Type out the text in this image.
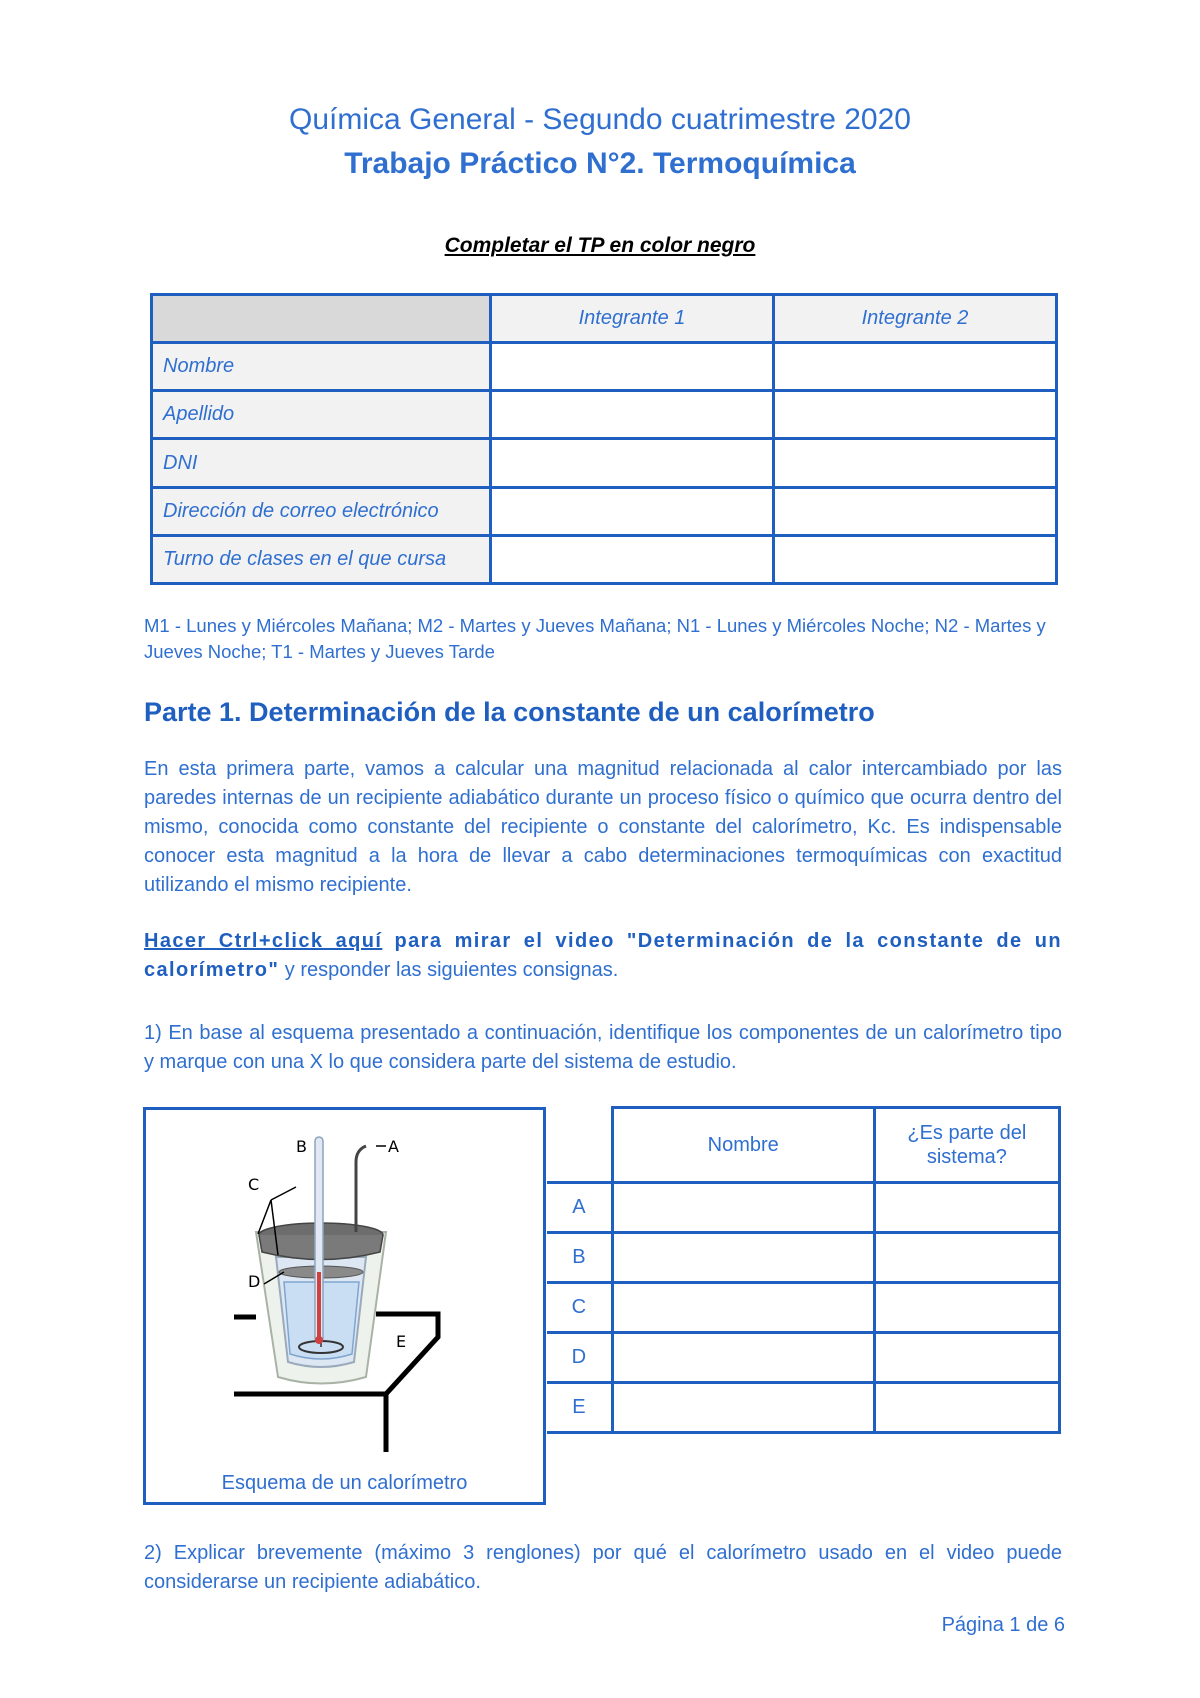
Química General - Segundo cuatrimestre 2020
Trabajo Práctico N°2. Termoquímica
Completar el TP en color negro
	Integrante 1	Integrante 2
Nombre		
Apellido		
DNI		
Dirección de correo electrónico		
Turno de clases en el que cursa		
M1 - Lunes y Miércoles Mañana; M2 - Martes y Jueves Mañana; N1 - Lunes y Miércoles Noche; N2 - Martes y Jueves Noche; T1 - Martes y Jueves Tarde
Parte 1. Determinación de la constante de un calorímetro
En esta primera parte, vamos a calcular una magnitud relacionada al calor intercambiado por las paredes internas de un recipiente adiabático durante un proceso físico o químico que ocurra dentro del mismo, conocida como constante del recipiente o constante del calorímetro, Kc. Es indispensable conocer esta magnitud a la hora de llevar a cabo determinaciones termoquímicas con exactitud utilizando el mismo recipiente.
Hacer Ctrl+click aquí para mirar el video "Determinación de la constante de un calorímetro" y responder las siguientes consignas.
1) En base al esquema presentado a continuación, identifique los componentes de un calorímetro tipo y marque con una X lo que considera parte del sistema de estudio.
A
B
C
D
E
Esquema de un calorímetro
	Nombre	¿Es parte del sistema?
A		
B		
C		
D		
E		
2) Explicar brevemente (máximo 3 renglones) por qué el calorímetro usado en el video puede considerarse un recipiente adiabático.
Página 1 de 6
